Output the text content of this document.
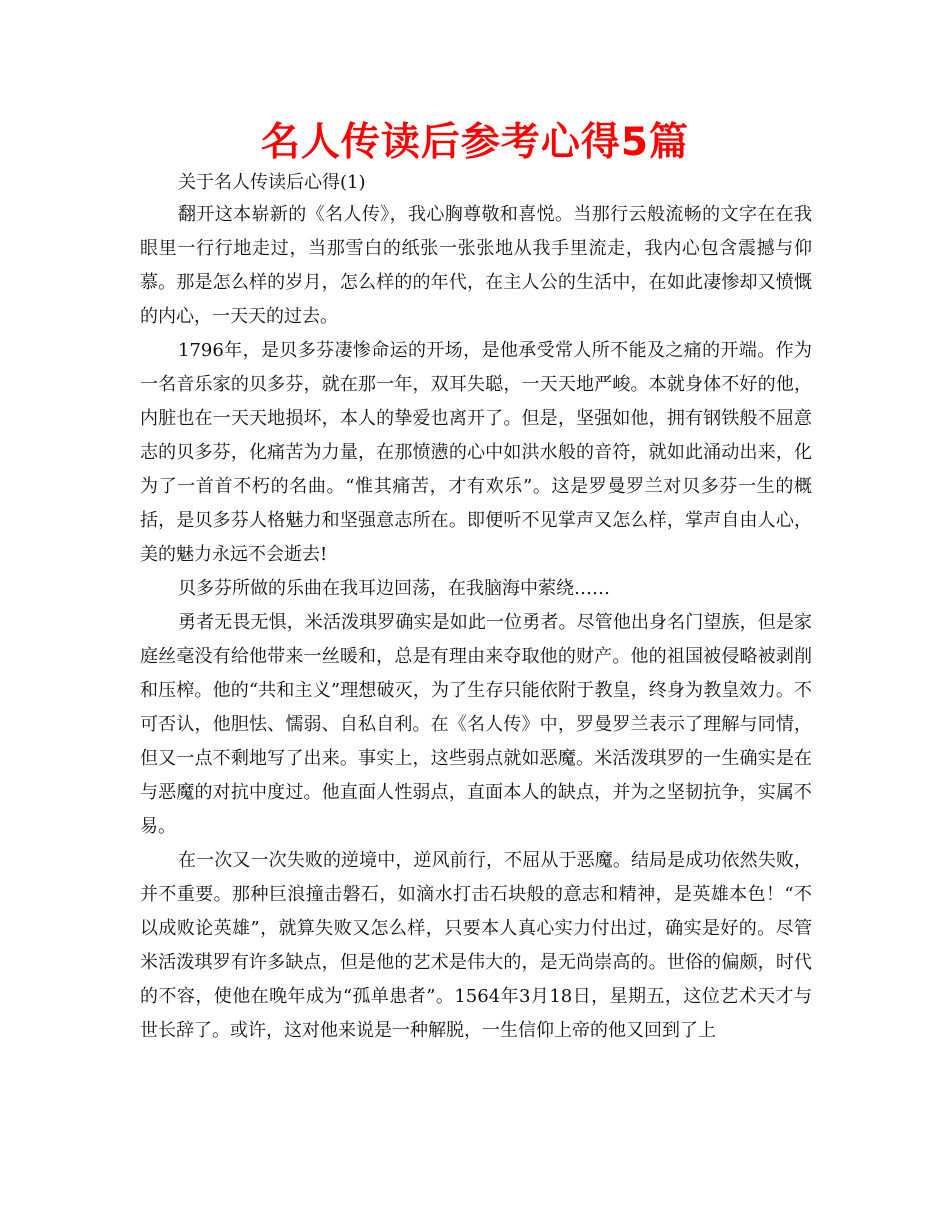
名人传读后参考心得5篇

关于名人传读后心得(1)

翻开这本崭新的《名人传》，我心胸尊敬和喜悦。当那行云般流畅的文字在在我眼里一行行地走过，当那雪白的纸张一张张地从我手里流走，我内心包含震撼与仰慕。那是怎么样的岁月，怎么样的的年代，在主人公的生活中，在如此凄惨却又愤慨的内心，一天天的过去。

1796年，是贝多芬凄惨命运的开场，是他承受常人所不能及之痛的开端。作为一名音乐家的贝多芬，就在那一年，双耳失聪，一天天地严峻。本就身体不好的他，内脏也在一天天地损坏，本人的挚爱也离开了。但是，坚强如他，拥有钢铁般不屈意志的贝多芬，化痛苦为力量，在那愤懑的心中如洪水般的音符，就如此涌动出来，化为了一首首不朽的名曲。“惟其痛苦，才有欢乐”。这是罗曼罗兰对贝多芬一生的概括，是贝多芬人格魅力和坚强意志所在。即便听不见掌声又怎么样，掌声自由人心，美的魅力永远不会逝去!

贝多芬所做的乐曲在我耳边回荡，在我脑海中萦绕……

勇者无畏无惧，米活泼琪罗确实是如此一位勇者。尽管他出身名门望族，但是家庭丝毫没有给他带来一丝暖和，总是有理由来夺取他的财产。他的祖国被侵略被剥削和压榨。他的“共和主义”理想破灭，为了生存只能依附于教皇，终身为教皇效力。不可否认，他胆怯、懦弱、自私自利。在《名人传》中，罗曼罗兰表示了理解与同情，但又一点不剩地写了出来。事实上，这些弱点就如恶魔。米活泼琪罗的一生确实是在与恶魔的对抗中度过。他直面人性弱点，直面本人的缺点，并为之坚韧抗争，实属不易。

在一次又一次失败的逆境中，逆风前行，不屈从于恶魔。结局是成功依然失败，并不重要。那种巨浪撞击磐石，如滴水打击石块般的意志和精神，是英雄本色！“不以成败论英雄”，就算失败又怎么样，只要本人真心实力付出过，确实是好的。尽管米活泼琪罗有许多缺点，但是他的艺术是伟大的，是无尚崇高的。世俗的偏颇，时代的不容，使他在晚年成为“孤单患者”。1564年3月18日，星期五，这位艺术天才与世长辞了。或许，这对他来说是一种解脱，一生信仰上帝的他又回到了上
